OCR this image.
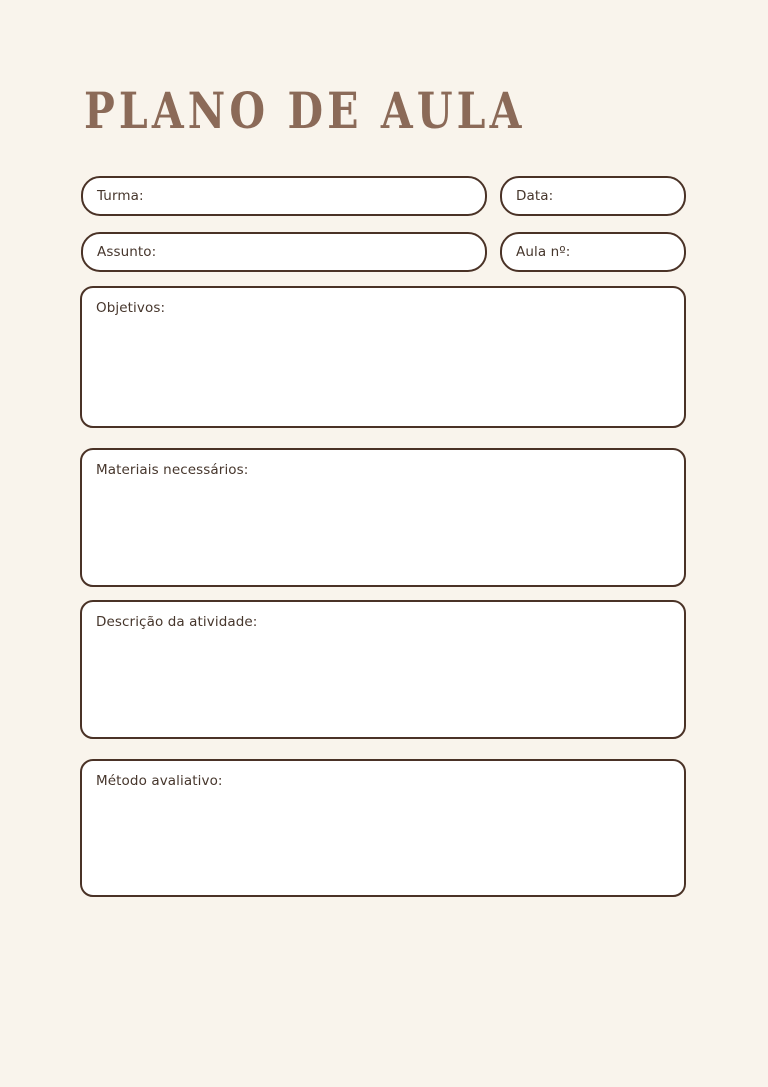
PLANO DE AULA
Turma:	Data:
Assunto:	Aula nº:
Objetivos:
Materiais necessários:
Descrição da atividade:
Método avaliativo:
